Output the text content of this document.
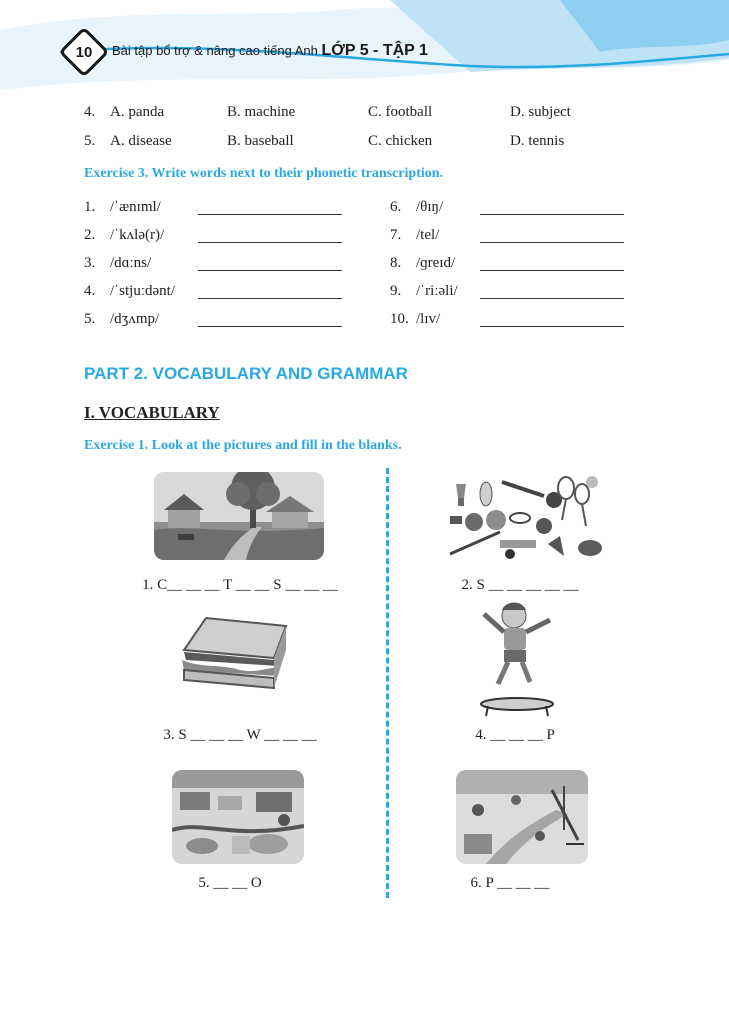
10	Bài tập bổ trợ & nâng cao tiếng Anh LỚP 5 - TẬP 1
4. A. panda	B. machine	C. football	D. subject
5. A. disease	B. baseball	C. chicken	D. tennis
Exercise 3. Write words next to their phonetic transcription.
1. /ˈænɪml/
2. /ˈkʌlə(r)/
3. /dɑːns/
4. /ˈstjuːdənt/
5. /dʒʌmp/
6. /θɪŋ/
7. /tel/
8. /ɡreɪd/
9. /ˈriːəli/
10. /lɪv/
PART 2. VOCABULARY AND GRAMMAR
I. VOCABULARY
Exercise 1. Look at the pictures and fill in the blanks.
1. C__ __ __ T __ __ S __ __ __	2. S __ __ __ __ __
3. S __ __ __ W __ __ __	4. __ __ __ P
5. __ __ O	6. P __ __ __
